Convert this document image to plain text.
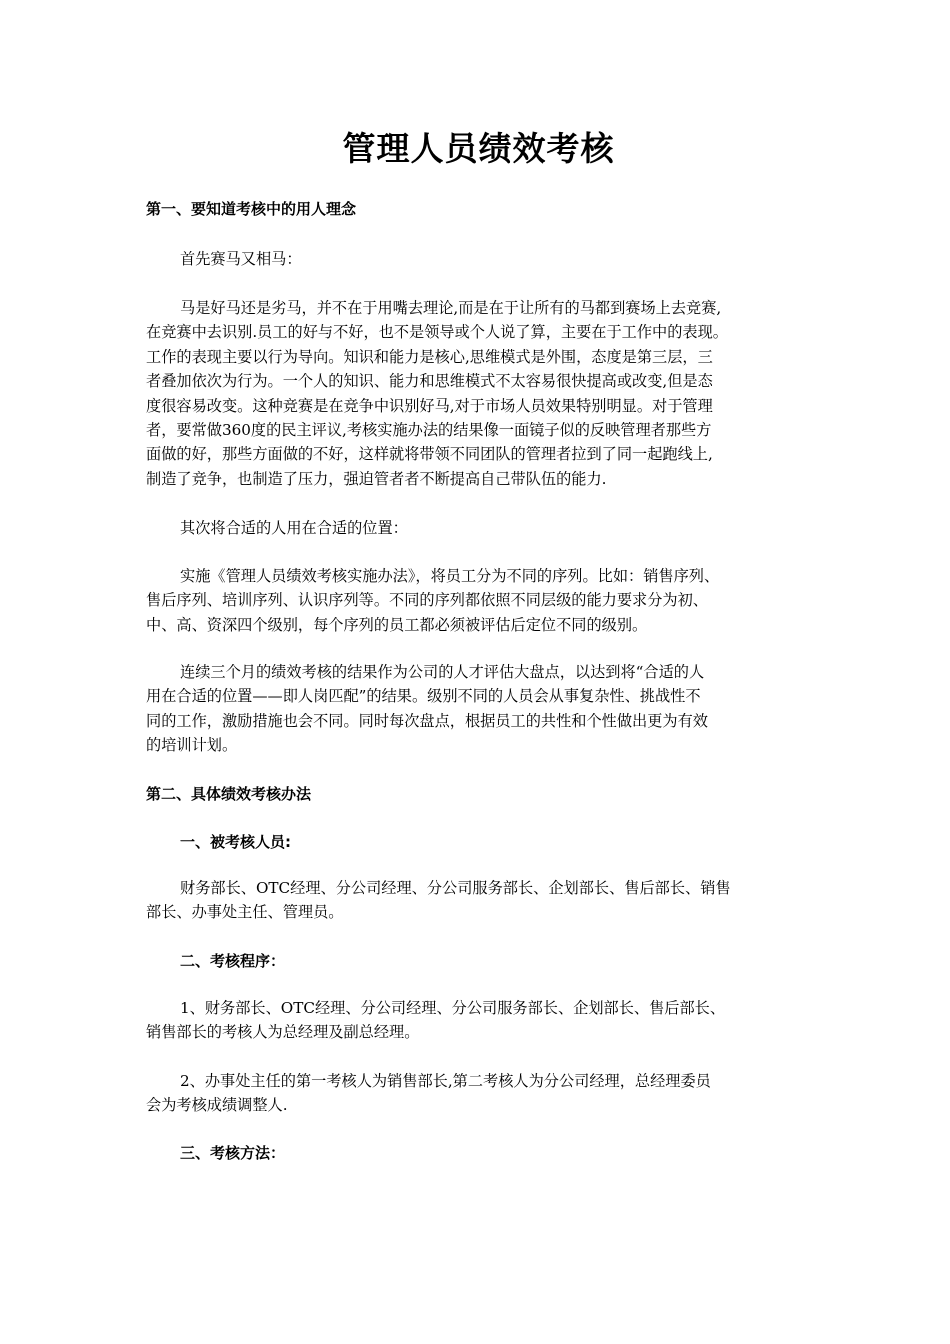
管理人员绩效考核
第一、要知道考核中的用人理念

首先赛马又相马：

马是好马还是劣马，并不在于用嘴去理论,而是在于让所有的马都到赛场上去竞赛,
在竞赛中去识别.员工的好与不好，也不是领导或个人说了算，主要在于工作中的表现。
工作的表现主要以行为导向。知识和能力是核心,思维模式是外围，态度是第三层，三
者叠加依次为行为。一个人的知识、能力和思维模式不太容易很快提高或改变,但是态
度很容易改变。这种竞赛是在竞争中识别好马,对于市场人员效果特别明显。对于管理
者，要常做360度的民主评议,考核实施办法的结果像一面镜子似的反映管理者那些方
面做的好，那些方面做的不好，这样就将带领不同团队的管理者拉到了同一起跑线上,
制造了竞争，也制造了压力，强迫管者者不断提高自己带队伍的能力.

其次将合适的人用在合适的位置：

实施《管理人员绩效考核实施办法》，将员工分为不同的序列。比如：销售序列、
售后序列、培训序列、认识序列等。不同的序列都依照不同层级的能力要求分为初、
中、高、资深四个级别，每个序列的员工都必须被评估后定位不同的级别。

连续三个月的绩效考核的结果作为公司的人才评估大盘点，以达到将“合适的人
用在合适的位置——即人岗匹配”的结果。级别不同的人员会从事复杂性、挑战性不
同的工作，激励措施也会不同。同时每次盘点，根据员工的共性和个性做出更为有效
的培训计划。

第二、具体绩效考核办法
一、被考核人员:

财务部长、OTC经理、分公司经理、分公司服务部长、企划部长、售后部长、销售
部长、办事处主任、管理员。

二、考核程序：

1、财务部长、OTC经理、分公司经理、分公司服务部长、企划部长、售后部长、
销售部长的考核人为总经理及副总经理。

2、办事处主任的第一考核人为销售部长,第二考核人为分公司经理，总经理委员
会为考核成绩调整人.

三、考核方法：
